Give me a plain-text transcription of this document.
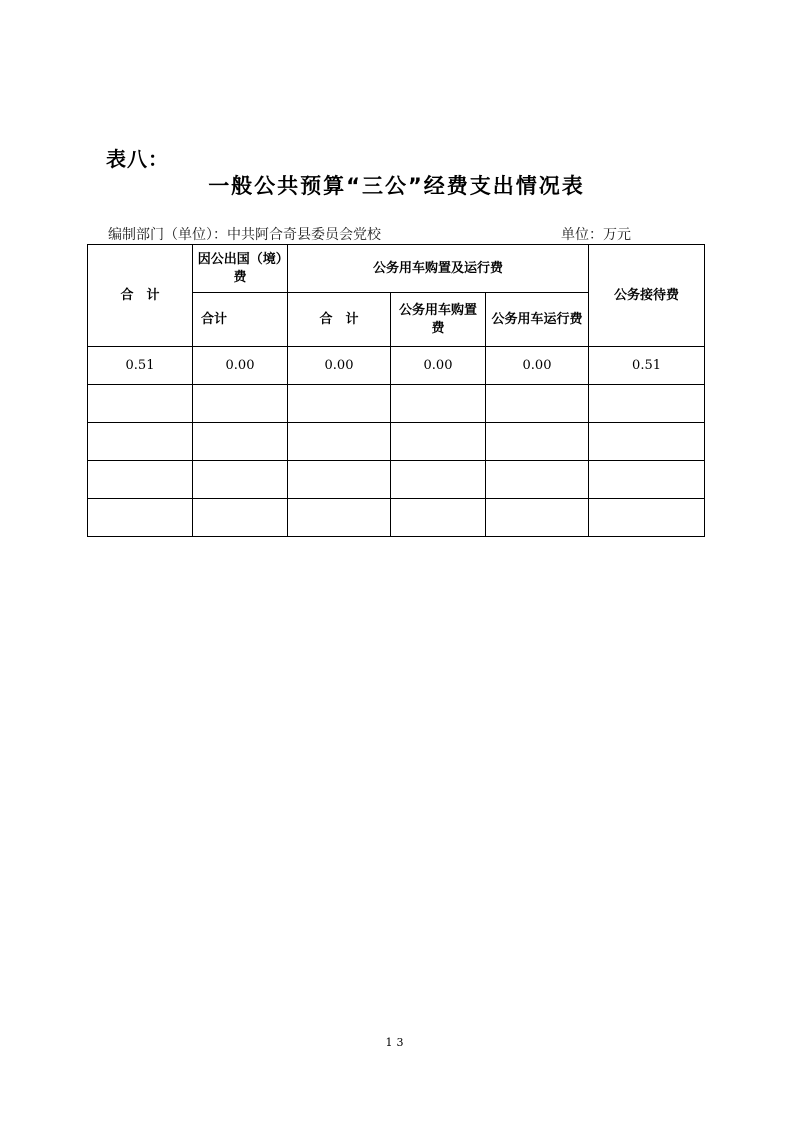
表八：
一般公共预算“三公”经费支出情况表
编制部门（单位）：中共阿合奇县委员会党校	单位：万元
合　计	因公出国（境）费	公务用车购置及运行费			公务接待费
	合计	合　计	公务用车购置费	公务用车运行费	
0.51	0.00	0.00	0.00	0.00	0.51

13
